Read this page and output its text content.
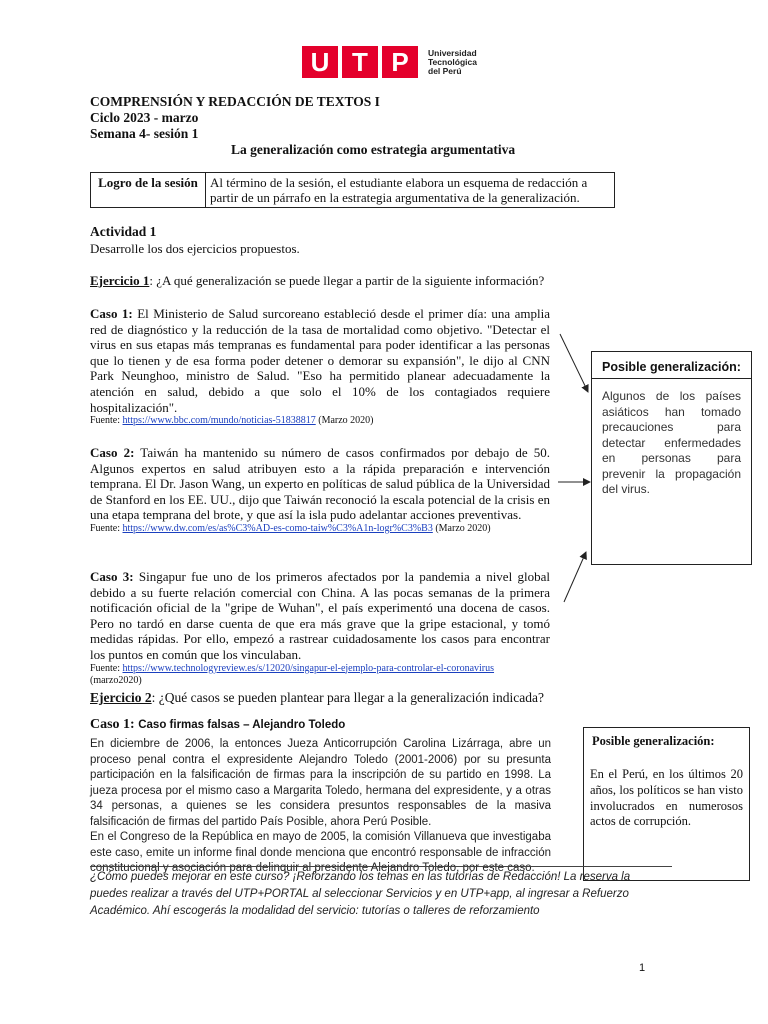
U T P	Universidad
Tecnológica
del Perú
COMPRENSIÓN Y REDACCIÓN DE TEXTOS I
Ciclo 2023 - marzo
Semana 4- sesión 1
La generalización como estrategia argumentativa
Logro de la sesión	Al término de la sesión, el estudiante elabora un esquema de redacción a partir de un párrafo en la estrategia argumentativa de la generalización.
Actividad 1
Desarrolle los dos ejercicios propuestos.
Ejercicio 1: ¿A qué generalización se puede llegar a partir de la siguiente información?
Caso 1: El Ministerio de Salud surcoreano estableció desde el primer día: una amplia red de diagnóstico y la reducción de la tasa de mortalidad como objetivo. "Detectar el virus en sus etapas más tempranas es fundamental para poder identificar a las personas que lo tienen y de esa forma poder detener o demorar su expansión", le dijo al CNN Park Neunghoo, ministro de Salud. "Eso ha permitido planear adecuadamente la atención en salud, debido a que solo el 10% de los contagiados requiere hospitalización".
Fuente: https://www.bbc.com/mundo/noticias-51838817 (Marzo 2020)
Caso 2: Taiwán ha mantenido su número de casos confirmados por debajo de 50. Algunos expertos en salud atribuyen esto a la rápida preparación e intervención temprana. El Dr. Jason Wang, un experto en políticas de salud pública de la Universidad de Stanford en los EE. UU., dijo que Taiwán reconoció la escala potencial de la crisis en una etapa temprana del brote, y que así la isla pudo adelantar acciones preventivas.
Fuente: https://www.dw.com/es/as%C3%AD-es-como-taiw%C3%A1n-logr%C3%B3 (Marzo 2020)
Caso 3: Singapur fue uno de los primeros afectados por la pandemia a nivel global debido a su fuerte relación comercial con China. A las pocas semanas de la primera notificación oficial de la "gripe de Wuhan", el país experimentó una docena de casos. Pero no tardó en darse cuenta de que era más grave que la gripe estacional, y tomó medidas rápidas. Por ello, empezó a rastrear cuidadosamente los casos para encontrar los puntos en común que los vinculaban.
Fuente: https://www.technologyreview.es/s/12020/singapur-el-ejemplo-para-controlar-el-coronavirus
(marzo2020)
Posible generalización:
Algunos de los países asiáticos han tomado precauciones para detectar enfermedades en personas para prevenir la propagación del virus.
Ejercicio 2: ¿Qué casos se pueden plantear para llegar a la generalización indicada?
Caso 1: Caso firmas falsas – Alejandro Toledo
En diciembre de 2006, la entonces Jueza Anticorrupción Carolina Lizárraga, abre un proceso penal contra el expresidente Alejandro Toledo (2001-2006) por su presunta participación en la falsificación de firmas para la inscripción de su partido en 1998. La jueza procesa por el mismo caso a Margarita Toledo, hermana del expresidente, y a otras 34 personas, a quienes se les considera presuntos responsables de la masiva falsificación de firmas del partido País Posible, ahora Perú Posible.
En el Congreso de la República en mayo de 2005, la comisión Villanueva que investigaba este caso, emite un informe final donde menciona que encontró responsable de infracción constitucional y asociación para delinquir al presidente Alejandro Toledo, por este caso.
Posible generalización:
En el Perú, en los últimos 20 años, los políticos se han visto involucrados en numerosos actos de corrupción.
¿Cómo puedes mejorar en este curso? ¡Reforzando los temas en las tutorías de Redacción! La reserva la puedes realizar a través del UTP+PORTAL al seleccionar Servicios y en UTP+app, al ingresar a Refuerzo Académico. Ahí escogerás la modalidad del servicio: tutorías o talleres de reforzamiento
1
